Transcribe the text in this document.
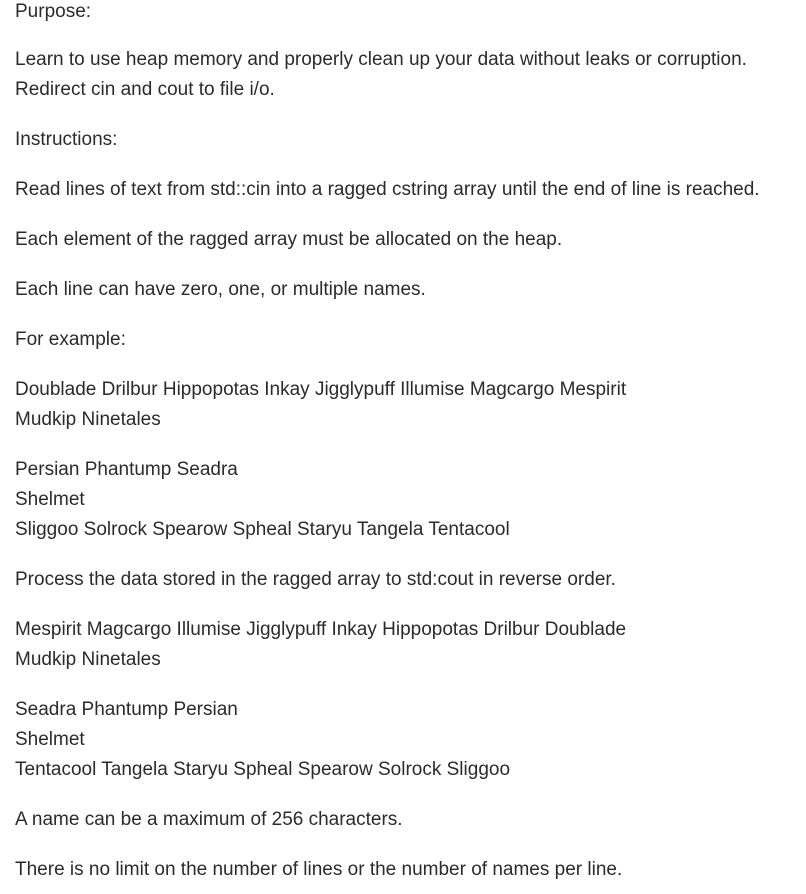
Purpose:
Learn to use heap memory and properly clean up your data without leaks or corruption.
Redirect cin and cout to file i/o.
Instructions:
Read lines of text from std::cin into a ragged cstring array until the end of line is reached.
Each element of the ragged array must be allocated on the heap.
Each line can have zero, one, or multiple names.
For example:
Doublade Drilbur Hippopotas Inkay Jigglypuff Illumise Magcargo Mespirit
Mudkip Ninetales
Persian Phantump Seadra
Shelmet
Sliggoo Solrock Spearow Spheal Staryu Tangela Tentacool
Process the data stored in the ragged array to std:cout in reverse order.
Mespirit Magcargo Illumise Jigglypuff Inkay Hippopotas Drilbur Doublade
Mudkip Ninetales
Seadra Phantump Persian
Shelmet
Tentacool Tangela Staryu Spheal Spearow Solrock Sliggoo
A name can be a maximum of 256 characters.
There is no limit on the number of lines or the number of names per line.
